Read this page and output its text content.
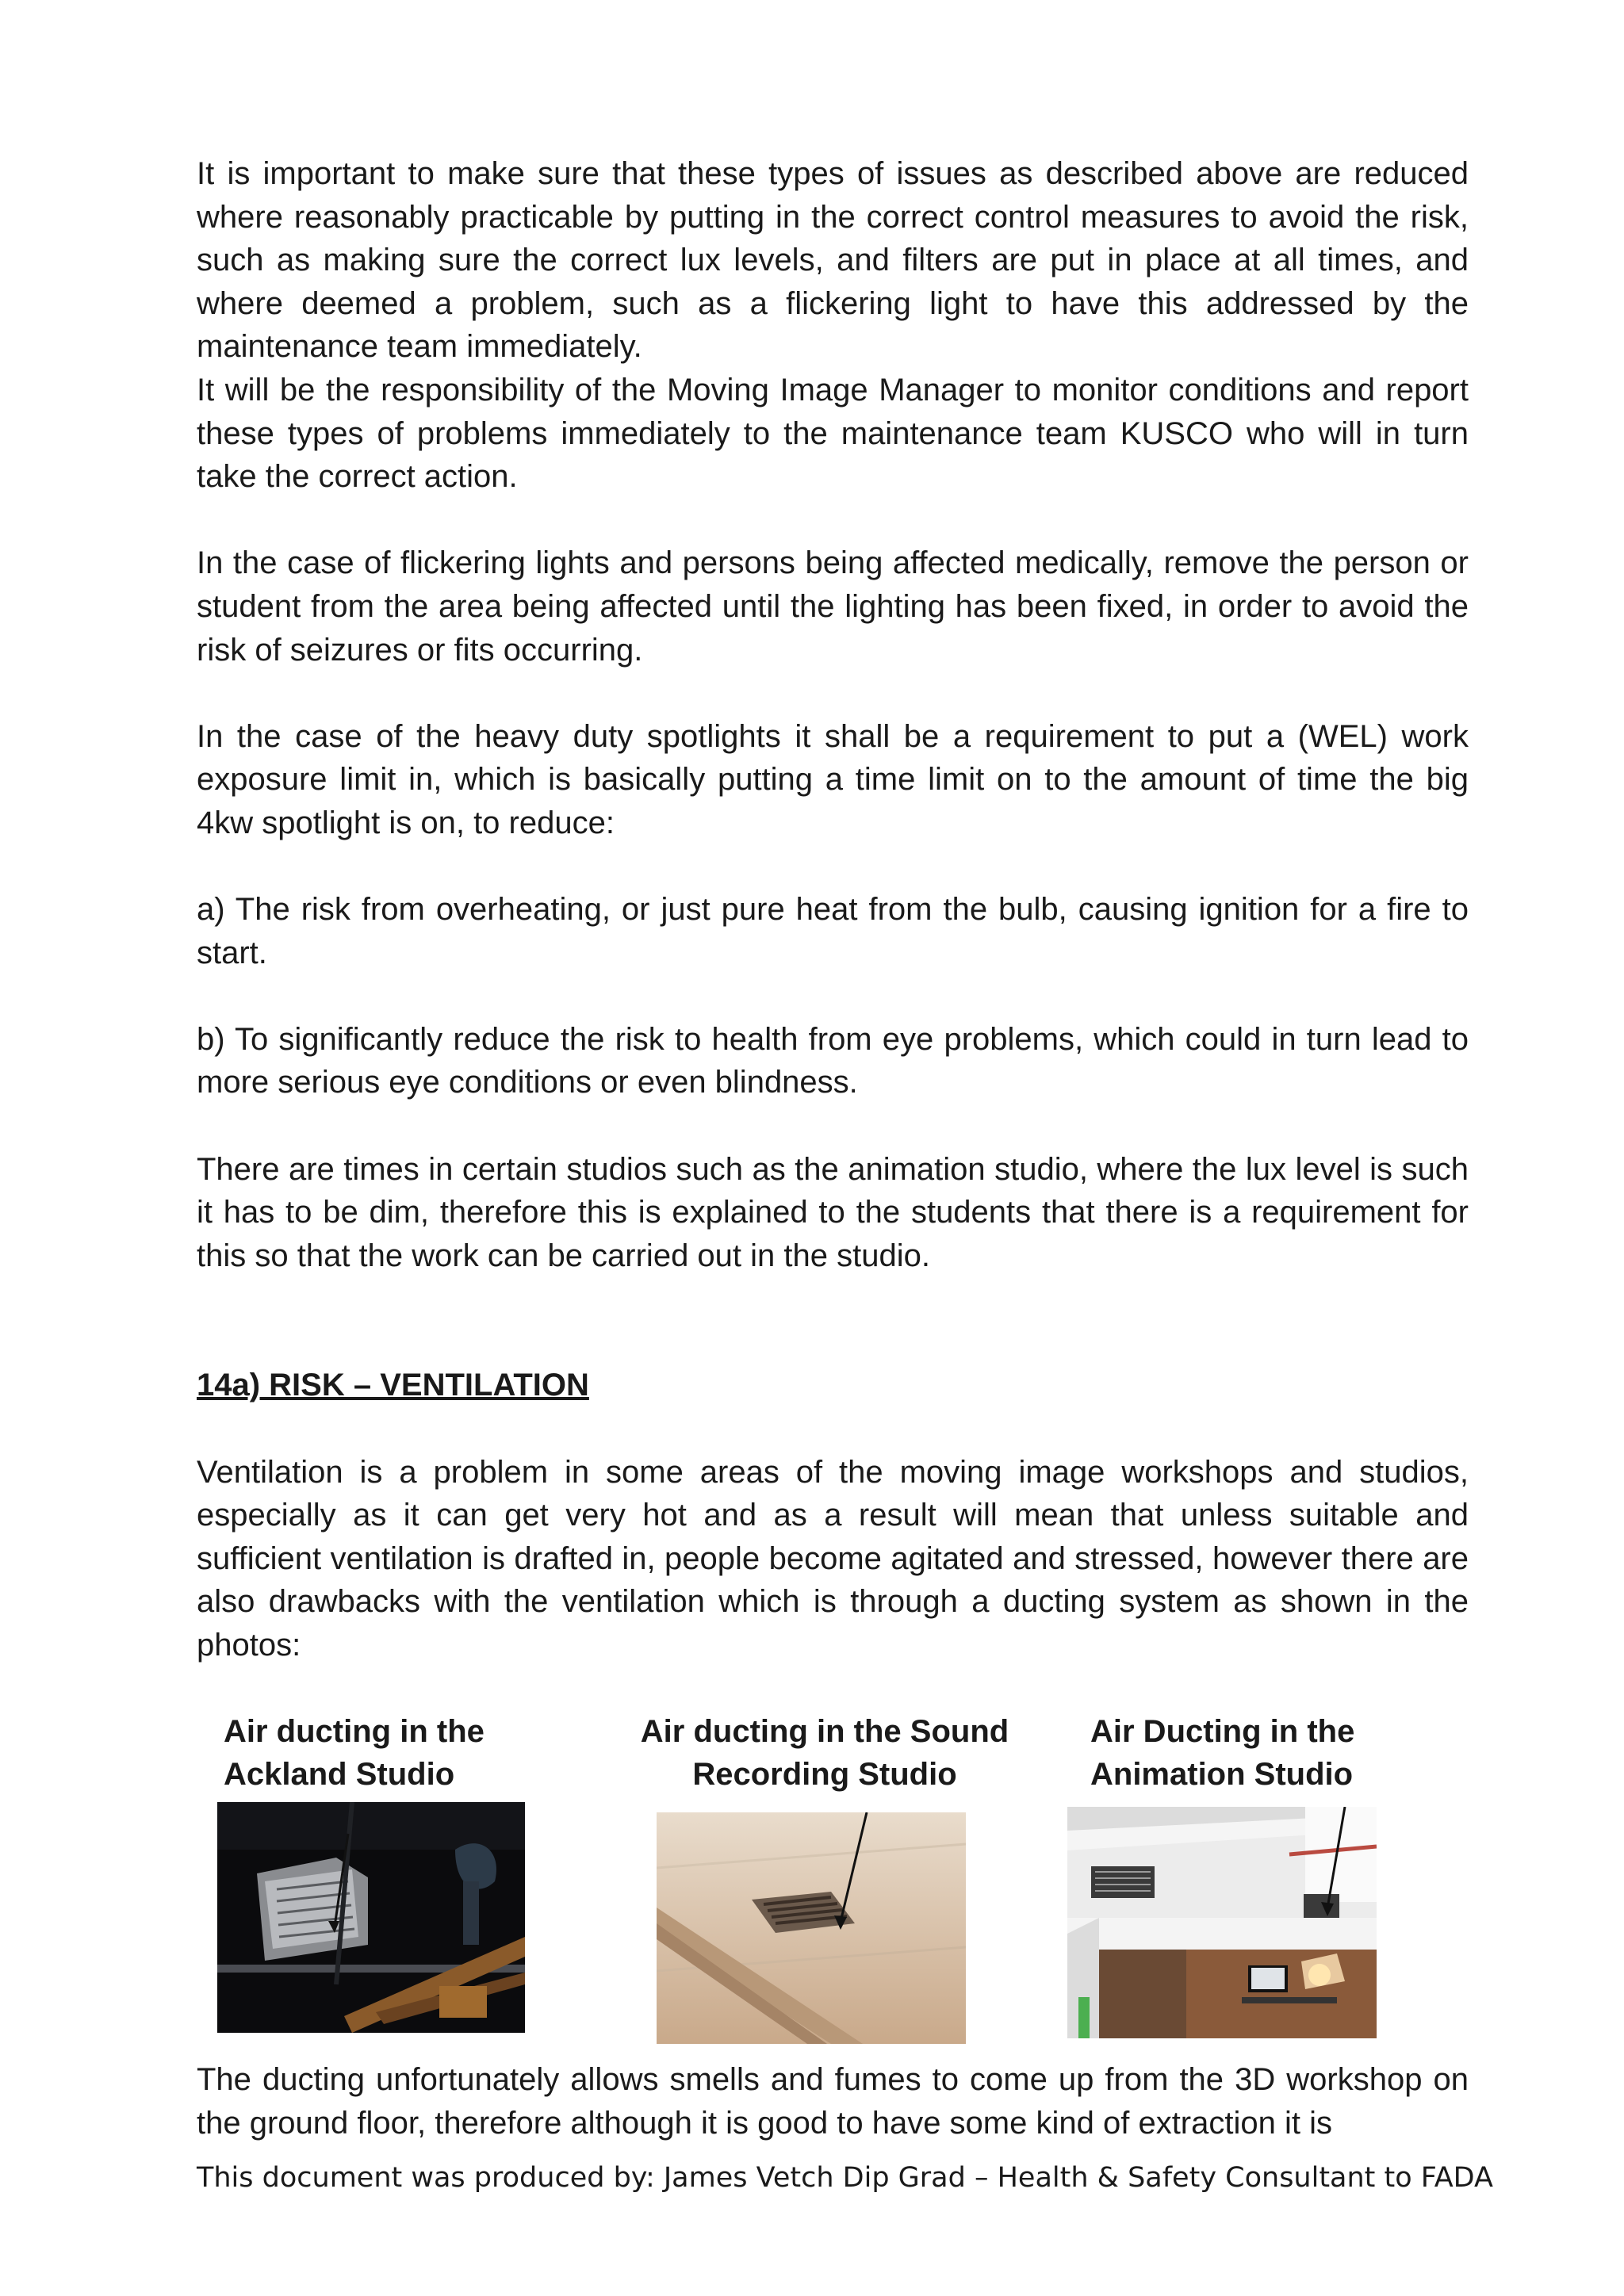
It is important to make sure that these types of issues as described above are reduced where reasonably practicable by putting in the correct control measures to avoid the risk, such as making sure the correct lux levels, and filters are put in place at all times, and where deemed a problem, such as a flickering light to have this addressed by the maintenance team immediately.

It will be the responsibility of the Moving Image Manager to monitor conditions and report these types of problems immediately to the maintenance team KUSCO who will in turn take the correct action.

In the case of flickering lights and persons being affected medically, remove the person or student from the area being affected until the lighting has been fixed, in order to avoid the risk of seizures or fits occurring.

In the case of the heavy duty spotlights it shall be a requirement to put a (WEL) work exposure limit in, which is basically putting a time limit on to the amount of time the big 4kw spotlight is on, to reduce:

a) The risk from overheating, or just pure heat from the bulb, causing ignition for a fire to start.

b) To significantly reduce the risk to health from eye problems, which could in turn lead to more serious eye conditions or even blindness.

There are times in certain studios such as the animation studio, where the lux level is such it has to be dim, therefore this is explained to the students that there is a requirement for this so that the work can be carried out in the studio.

14a) RISK – VENTILATION

Ventilation is a problem in some areas of the moving image workshops and studios, especially as it can get very hot and as a result will mean that unless suitable and sufficient ventilation is drafted in, people become agitated and stressed, however there are also drawbacks with the ventilation which is through a ducting system as shown in the photos:

Air ducting in the
Ackland Studio
Air ducting in the Sound
Recording Studio
Air Ducting in the
Animation Studio

The ducting unfortunately allows smells and fumes to come up from the 3D workshop on the ground floor, therefore although it is good to have some kind of extraction it is

This document was produced by: James Vetch Dip Grad – Health & Safety Consultant to FADA
